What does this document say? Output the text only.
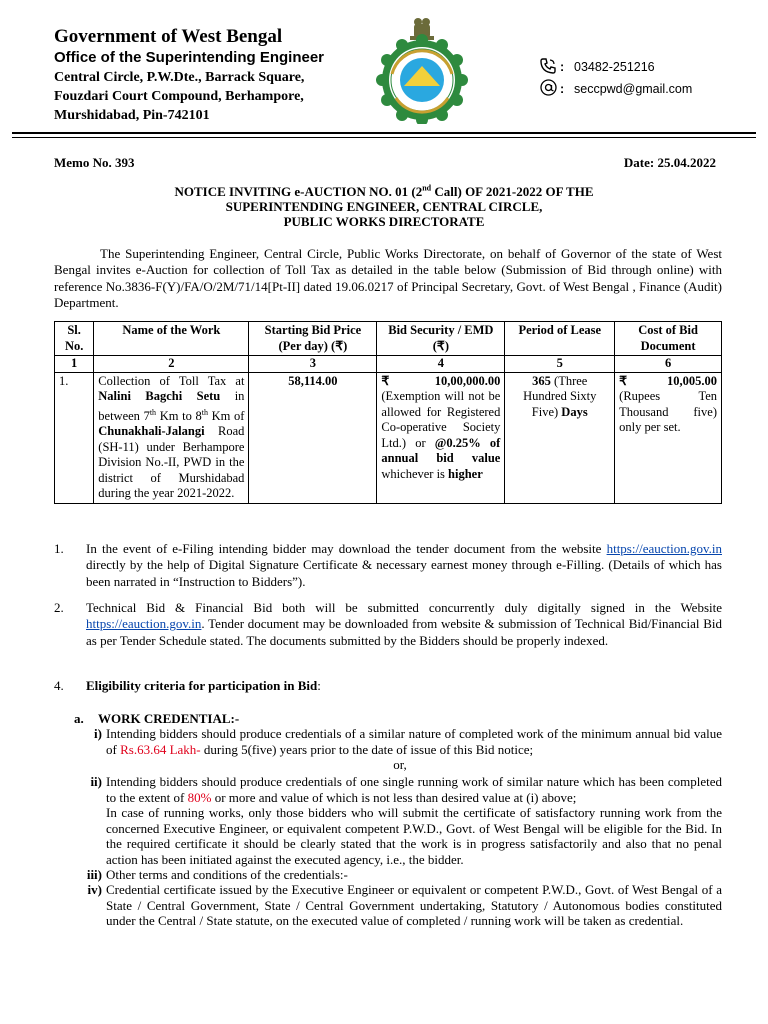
Government of West Bengal
Office of the Superintending Engineer
Central Circle, P.W.Dte., Barrack Square,
Fouzdari Court Compound, Berhampore,
Murshidabad, Pin-742101
: 03482-251216
: seccpwd@gmail.com
Memo No. 393	Date: 25.04.2022
NOTICE INVITING e-AUCTION NO. 01 (2nd Call) OF 2021-2022 OF THE
SUPERINTENDING ENGINEER, CENTRAL CIRCLE,
PUBLIC WORKS DIRECTORATE
The Superintending Engineer, Central Circle, Public Works Directorate, on behalf of Governor of the state of West Bengal invites e-Auction for collection of Toll Tax as detailed in the table below (Submission of Bid through online) with reference No.3836-F(Y)/FA/O/2M/71/14[Pt-II] dated 19.06.0217 of Principal Secretary, Govt. of West Bengal , Finance (Audit) Department.
Sl. No.	Name of the Work	Starting Bid Price (Per day) (₹)	Bid Security / EMD (₹)	Period of Lease	Cost of Bid Document
1	2	3	4	5	6
1.	Collection of Toll Tax at Nalini Bagchi Setu in between 7th Km to 8th Km of Chunakhali-Jalangi Road (SH-11) under Berhampore Division No.-II, PWD in the district of Murshidabad during the year 2021-2022.	58,114.00	₹ 10,00,000.00 (Exemption will not be allowed for Registered Co-operative Society Ltd.) or @0.25% of annual bid value whichever is higher	365 (Three Hundred Sixty Five) Days	₹ 10,005.00 (Rupees Ten Thousand five) only per set.
1. In the event of e-Filing intending bidder may download the tender document from the website https://eauction.gov.in directly by the help of Digital Signature Certificate & necessary earnest money through e-Filling. (Details of which has been narrated in “Instruction to Bidders”).
2. Technical Bid & Financial Bid both will be submitted concurrently duly digitally signed in the Website https://eauction.gov.in. Tender document may be downloaded from website & submission of Technical Bid/Financial Bid as per Tender Schedule stated. The documents submitted by the Bidders should be properly indexed.
4. Eligibility criteria for participation in Bid:
a. WORK CREDENTIAL:-
i) Intending bidders should produce credentials of a similar nature of completed work of the minimum annual bid value of Rs.63.64 Lakh- during 5(five) years prior to the date of issue of this Bid notice;
or,
ii) Intending bidders should produce credentials of one single running work of similar nature which has been completed to the extent of 80% or more and value of which is not less than desired value at (i) above;
In case of running works, only those bidders who will submit the certificate of satisfactory running work from the concerned Executive Engineer, or equivalent competent P.W.D., Govt. of West Bengal will be eligible for the Bid. In the required certificate it should be clearly stated that the work is in progress satisfactorily and also that no penal action has been initiated against the executed agency, i.e., the bidder.
iii) Other terms and conditions of the credentials:-
iv) Credential certificate issued by the Executive Engineer or equivalent or competent P.W.D., Govt. of West Bengal of a State / Central Government, State / Central Government undertaking, Statutory / Autonomous bodies constituted under the Central / State statute, on the executed value of completed / running work will be taken as credential.
